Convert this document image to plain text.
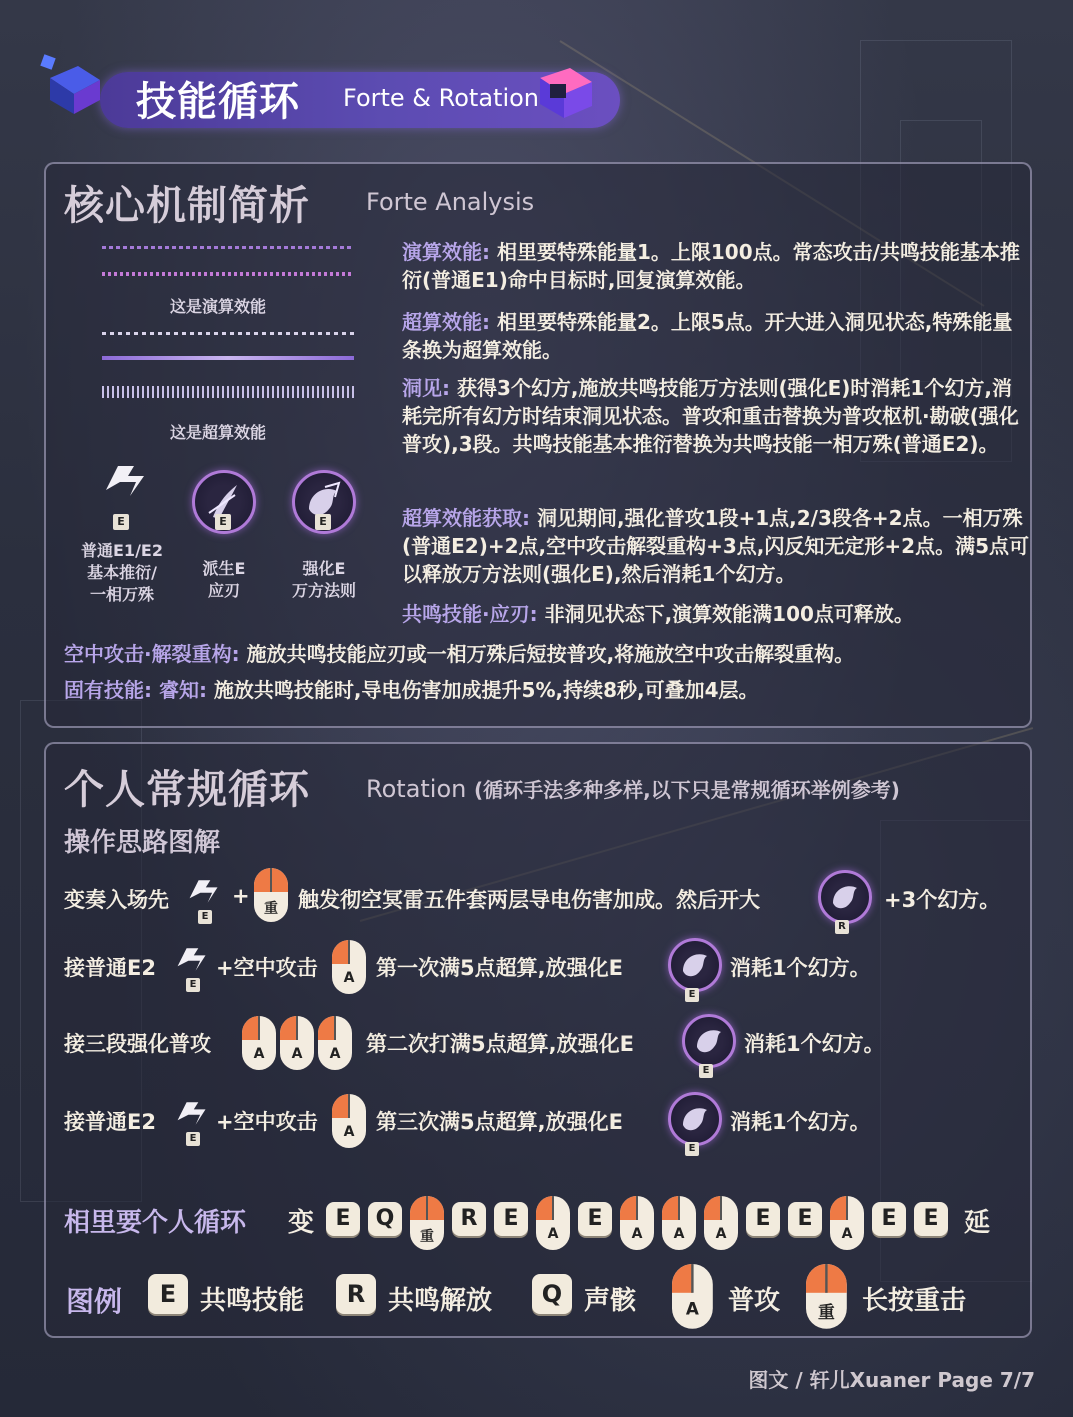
技能循环 Forte & Rotation
核心机制简析 Forte Analysis
这是演算效能
这是超算效能
E
普通E1/E2
基本推衍/
一相万殊
E
派生E
应刃
E
强化E
万方法则
演算效能: 相里要特殊能量1。上限100点。常态攻击/共鸣技能基本推衍(普通E1)命中目标时,回复演算效能。
超算效能: 相里要特殊能量2。上限5点。开大进入洞见状态,特殊能量条换为超算效能。
洞见: 获得3个幻方,施放共鸣技能万方法则(强化E)时消耗1个幻方,消耗完所有幻方时结束洞见状态。普攻和重击替换为普攻枢机·勘破(强化普攻),3段。共鸣技能基本推衍替换为共鸣技能一相万殊(普通E2)。
超算效能获取: 洞见期间,强化普攻1段+1点,2/3段各+2点。一相万殊(普通E2)+2点,空中攻击解裂重构+3点,闪反知无定形+2点。满5点可以释放万方法则(强化E),然后消耗1个幻方。
共鸣技能·应刃: 非洞见状态下,演算效能满100点可释放。
空中攻击·解裂重构: 施放共鸣技能应刃或一相万殊后短按普攻,将施放空中攻击解裂重构。
固有技能: 睿知: 施放共鸣技能时,导电伤害加成提升5%,持续8秒,可叠加4层。
个人常规循环 Rotation (循环手法多种多样,以下只是常规循环举例参考)
操作思路图解
变奏入场先
E
+
重 触发彻空冥雷五件套两层导电伤害加成。然后开大
R
+3个幻方。
接普通E2
E
+空中攻击	A	第一次满5点超算,放强化E
E
消耗1个幻方。
接三段强化普攻	A	A	A	第二次打满5点超算,放强化E
E
消耗1个幻方。
接普通E2
E
+空中攻击	A	第三次满5点超算,放强化E
E
消耗1个幻方。
相里要个人循环 变 E	Q
重
R	E
A
E
A	A	A
E	E
A
E	E 延
图例	E 共鸣技能	R 共鸣解放	Q 声骸	A	普攻	重	长按重击
图文 / 轩儿Xuaner Page 7/7
